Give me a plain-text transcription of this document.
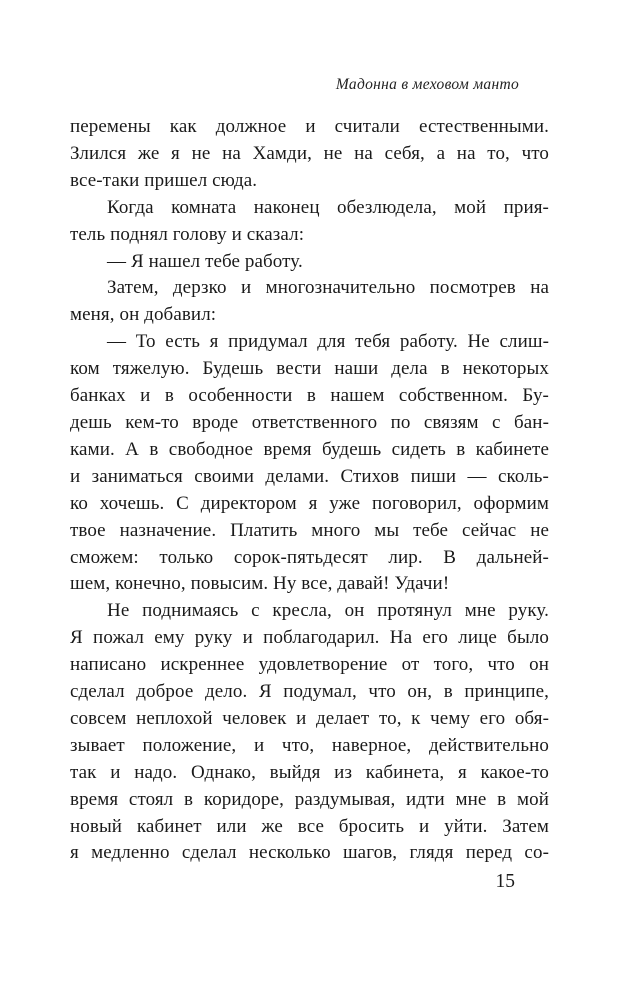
Мадонна в меховом манто
перемены как должное и считали естественными.
Злился же я не на Хамди, не на себя, а на то, что
все-таки пришел сюда.
Когда комната наконец обезлюдела, мой прия-
тель поднял голову и сказал:
— Я нашел тебе работу.
Затем, дерзко и многозначительно посмотрев на
меня, он добавил:
— То есть я придумал для тебя работу. Не слиш-
ком тяжелую. Будешь вести наши дела в некоторых
банках и в особенности в нашем собственном. Бу-
дешь кем-то вроде ответственного по связям с бан-
ками. А в свободное время будешь сидеть в кабинете
и заниматься своими делами. Стихов пиши — сколь-
ко хочешь. С директором я уже поговорил, оформим
твое назначение. Платить много мы тебе сейчас не
сможем: только сорок-пятьдесят лир. В дальней-
шем, конечно, повысим. Ну все, давай! Удачи!
Не поднимаясь с кресла, он протянул мне руку.
Я пожал ему руку и поблагодарил. На его лице было
написано искреннее удовлетворение от того, что он
сделал доброе дело. Я подумал, что он, в принципе,
совсем неплохой человек и делает то, к чему его обя-
зывает положение, и что, наверное, действительно
так и надо. Однако, выйдя из кабинета, я какое-то
время стоял в коридоре, раздумывая, идти мне в мой
новый кабинет или же все бросить и уйти. Затем
я медленно сделал несколько шагов, глядя перед со-
15
